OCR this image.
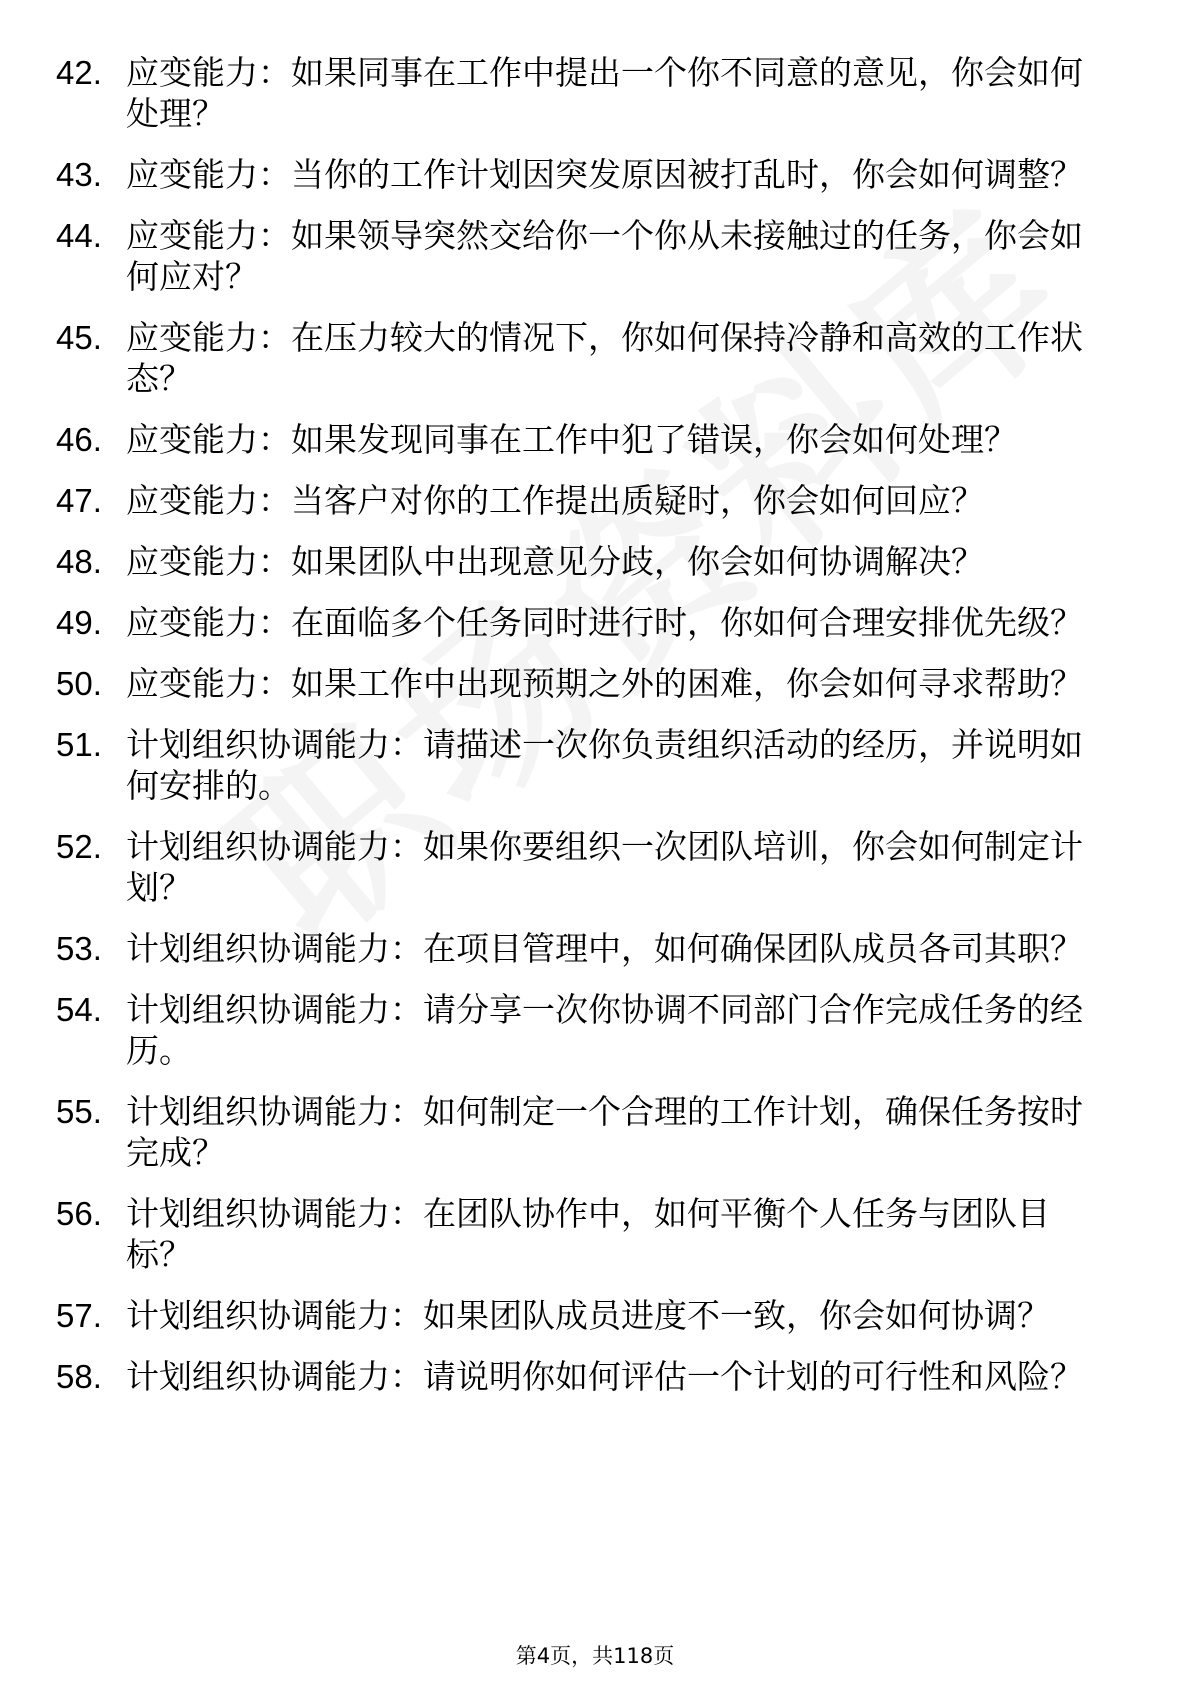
42. 应变能力：如果同事在工作中提出一个你不同意的意见，你会如何处理？
43. 应变能力：当你的工作计划因突发原因被打乱时，你会如何调整？
44. 应变能力：如果领导突然交给你一个你从未接触过的任务，你会如何应对？
45. 应变能力：在压力较大的情况下，你如何保持冷静和高效的工作状态？
46. 应变能力：如果发现同事在工作中犯了错误，你会如何处理？
47. 应变能力：当客户对你的工作提出质疑时，你会如何回应？
48. 应变能力：如果团队中出现意见分歧，你会如何协调解决？
49. 应变能力：在面临多个任务同时进行时，你如何合理安排优先级？
50. 应变能力：如果工作中出现预期之外的困难，你会如何寻求帮助？
51. 计划组织协调能力：请描述一次你负责组织活动的经历，并说明如何安排的。
52. 计划组织协调能力：如果你要组织一次团队培训，你会如何制定计划？
53. 计划组织协调能力：在项目管理中，如何确保团队成员各司其职？
54. 计划组织协调能力：请分享一次你协调不同部门合作完成任务的经历。
55. 计划组织协调能力：如何制定一个合理的工作计划，确保任务按时完成？
56. 计划组织协调能力：在团队协作中，如何平衡个人任务与团队目标？
57. 计划组织协调能力：如果团队成员进度不一致，你会如何协调？
58. 计划组织协调能力：请说明你如何评估一个计划的可行性和风险？
第4页，共118页
